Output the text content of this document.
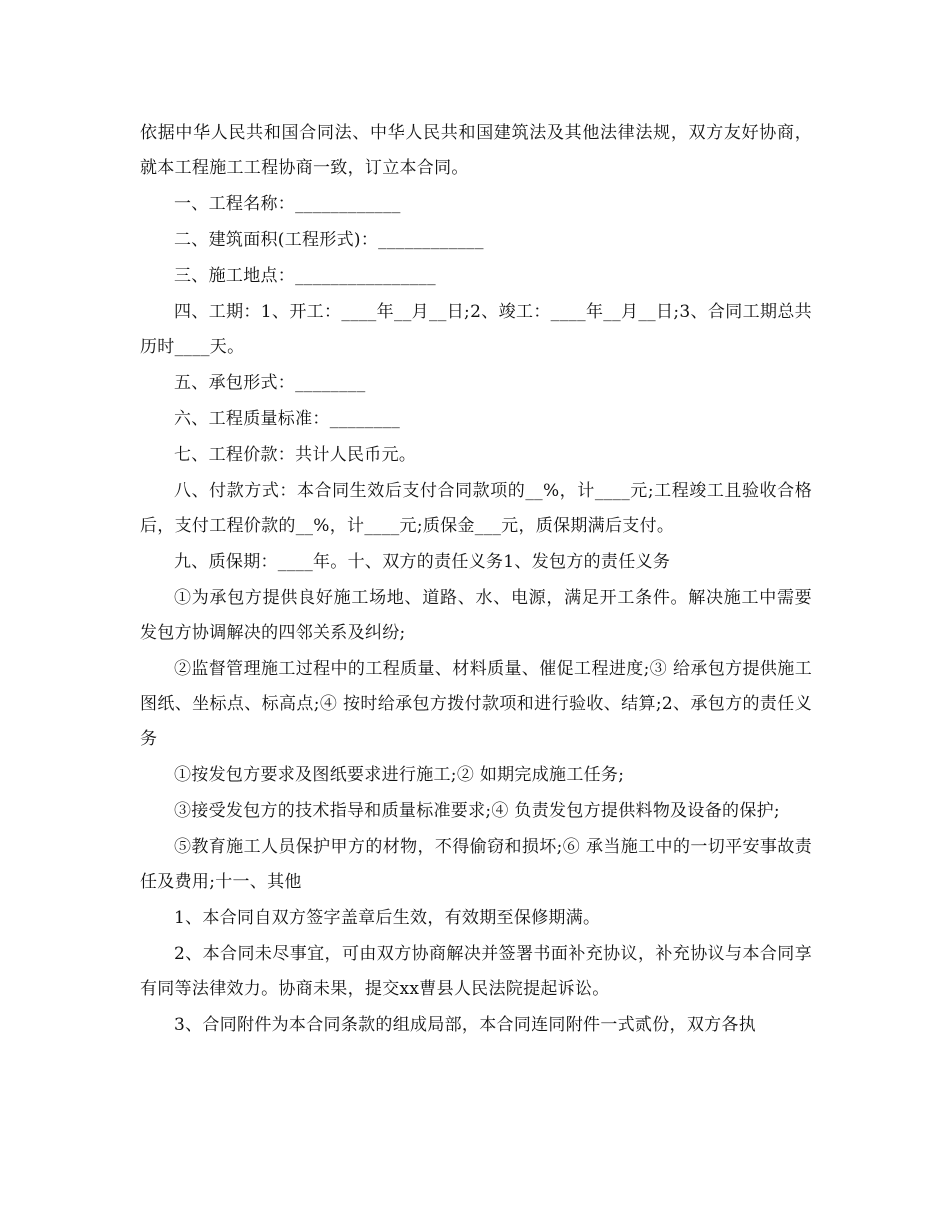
依据中华人民共和国合同法、中华人民共和国建筑法及其他法律法规，双方友好协商，就本工程施工工程协商一致，订立本合同。

一、工程名称：____________

二、建筑面积(工程形式)：____________

三、施工地点：________________

四、工期：1、开工：____年__月__日;2、竣工：____年__月__日;3、合同工期总共历时____天。

五、承包形式：________

六、工程质量标准：________

七、工程价款：共计人民币元。

八、付款方式：本合同生效后支付合同款项的__%，计____元;工程竣工且验收合格后，支付工程价款的__%，计____元;质保金___元，质保期满后支付。

九、质保期：____年。十、双方的责任义务1、发包方的责任义务

①为承包方提供良好施工场地、道路、水、电源，满足开工条件。解决施工中需要发包方协调解决的四邻关系及纠纷;

②监督管理施工过程中的工程质量、材料质量、催促工程进度;③ 给承包方提供施工图纸、坐标点、标高点;④ 按时给承包方拨付款项和进行验收、结算;2、承包方的责任义务

①按发包方要求及图纸要求进行施工;② 如期完成施工任务;

③接受发包方的技术指导和质量标准要求;④ 负责发包方提供料物及设备的保护;

⑤教育施工人员保护甲方的材物，不得偷窃和损坏;⑥ 承当施工中的一切平安事故责任及费用;十一、其他

1、本合同自双方签字盖章后生效，有效期至保修期满。

2、本合同未尽事宜，可由双方协商解决并签署书面补充协议，补充协议与本合同享有同等法律效力。协商未果，提交xx曹县人民法院提起诉讼。

3、合同附件为本合同条款的组成局部，本合同连同附件一式贰份，双方各执
